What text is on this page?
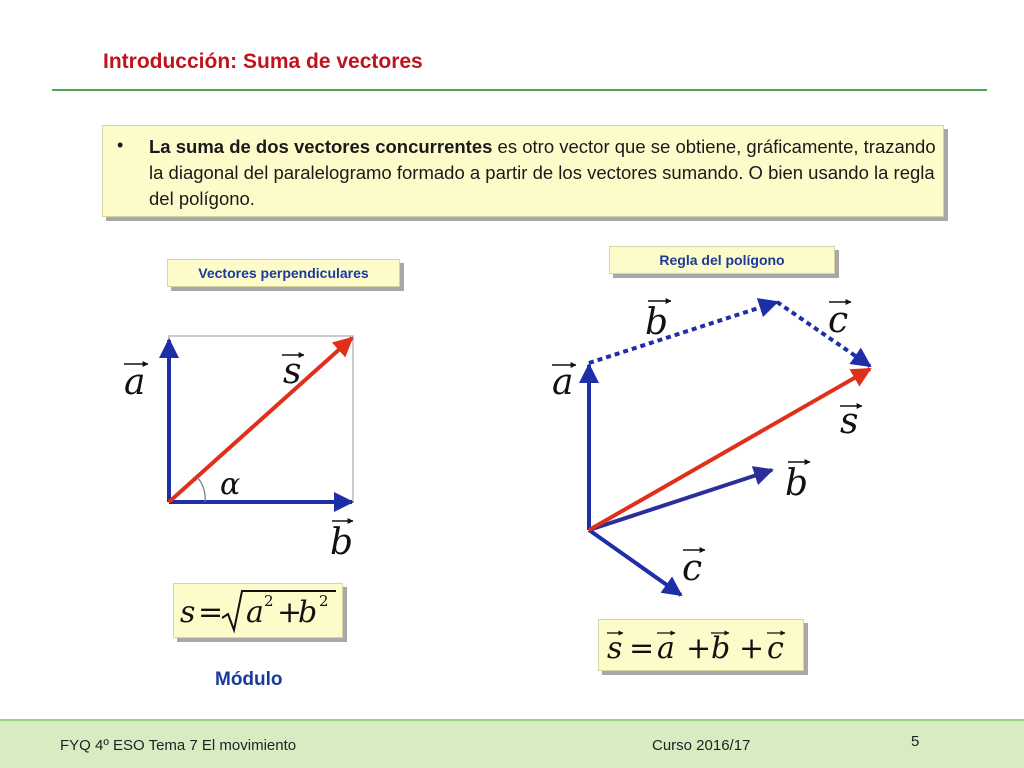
Introducción: Suma de vectores
• La suma de dos vectores concurrentes es otro vector que se obtiene, gráficamente, trazando la diagonal del paralelogramo formado a partir de los vectores sumando. O bien usando la regla del polígono.
Vectores perpendiculares
Regla del polígono
a	s
b
α
b	c
a
s
b
c
s = a 2 +
b 2
Módulo
s = a + b + c
FYQ 4º ESO Tema 7 El movimiento	Curso 2016/17	5
